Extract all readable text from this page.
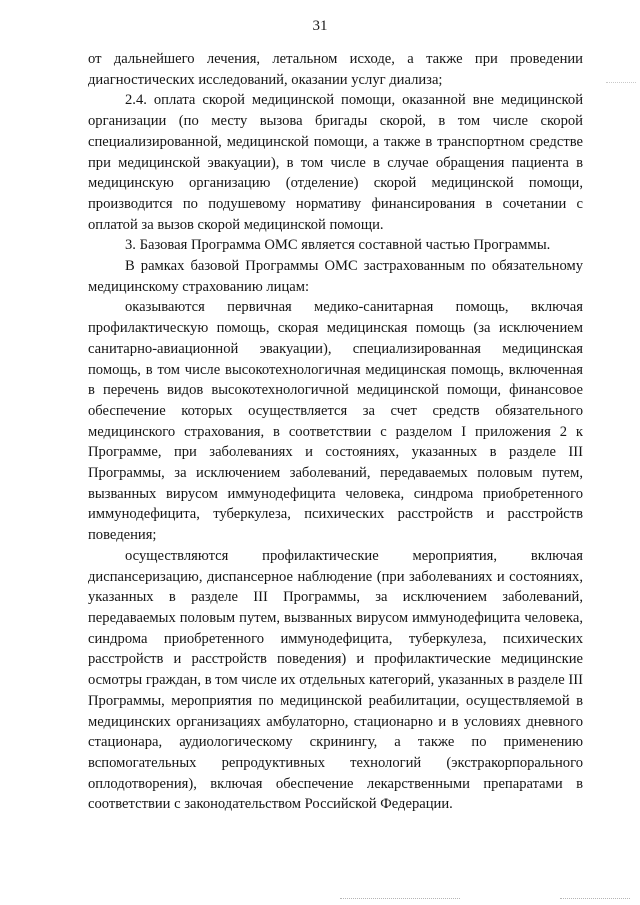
31

от дальнейшего лечения, летальном исходе, а также при проведении диагностических исследований, оказании услуг диализа;

2.4. оплата скорой медицинской помощи, оказанной вне медицинской организации (по месту вызова бригады скорой, в том числе скорой специализированной, медицинской помощи, а также в транспортном средстве при медицинской эвакуации), в том числе в случае обращения пациента в медицинскую организацию (отделение) скорой медицинской помощи, производится по подушевому нормативу финансирования в сочетании с оплатой за вызов скорой медицинской помощи.

3. Базовая Программа ОМС является составной частью Программы.

В рамках базовой Программы ОМС застрахованным по обязательному медицинскому страхованию лицам:

оказываются первичная медико-санитарная помощь, включая профилактическую помощь, скорая медицинская помощь (за исключением санитарно-авиационной эвакуации), специализированная медицинская помощь, в том числе высокотехнологичная медицинская помощь, включенная в перечень видов высокотехнологичной медицинской помощи, финансовое обеспечение которых осуществляется за счет средств обязательного медицинского страхования, в соответствии с разделом I приложения 2 к Программе, при заболеваниях и состояниях, указанных в разделе III Программы, за исключением заболеваний, передаваемых половым путем, вызванных вирусом иммунодефицита человека, синдрома приобретенного иммунодефицита, туберкулеза, психических расстройств и расстройств поведения;

осуществляются профилактические мероприятия, включая диспансеризацию, диспансерное наблюдение (при заболеваниях и состояниях, указанных в разделе III Программы, за исключением заболеваний, передаваемых половым путем, вызванных вирусом иммунодефицита человека, синдрома приобретенного иммунодефицита, туберкулеза, психических расстройств и расстройств поведения) и профилактические медицинские осмотры граждан, в том числе их отдельных категорий, указанных в разделе III Программы, мероприятия по медицинской реабилитации, осуществляемой в медицинских организациях амбулаторно, стационарно и в условиях дневного стационара, аудиологическому скринингу, а также по применению вспомогательных репродуктивных технологий (экстракорпорального оплодотворения), включая обеспечение лекарственными препаратами в соответствии с законодательством Российской Федерации.
